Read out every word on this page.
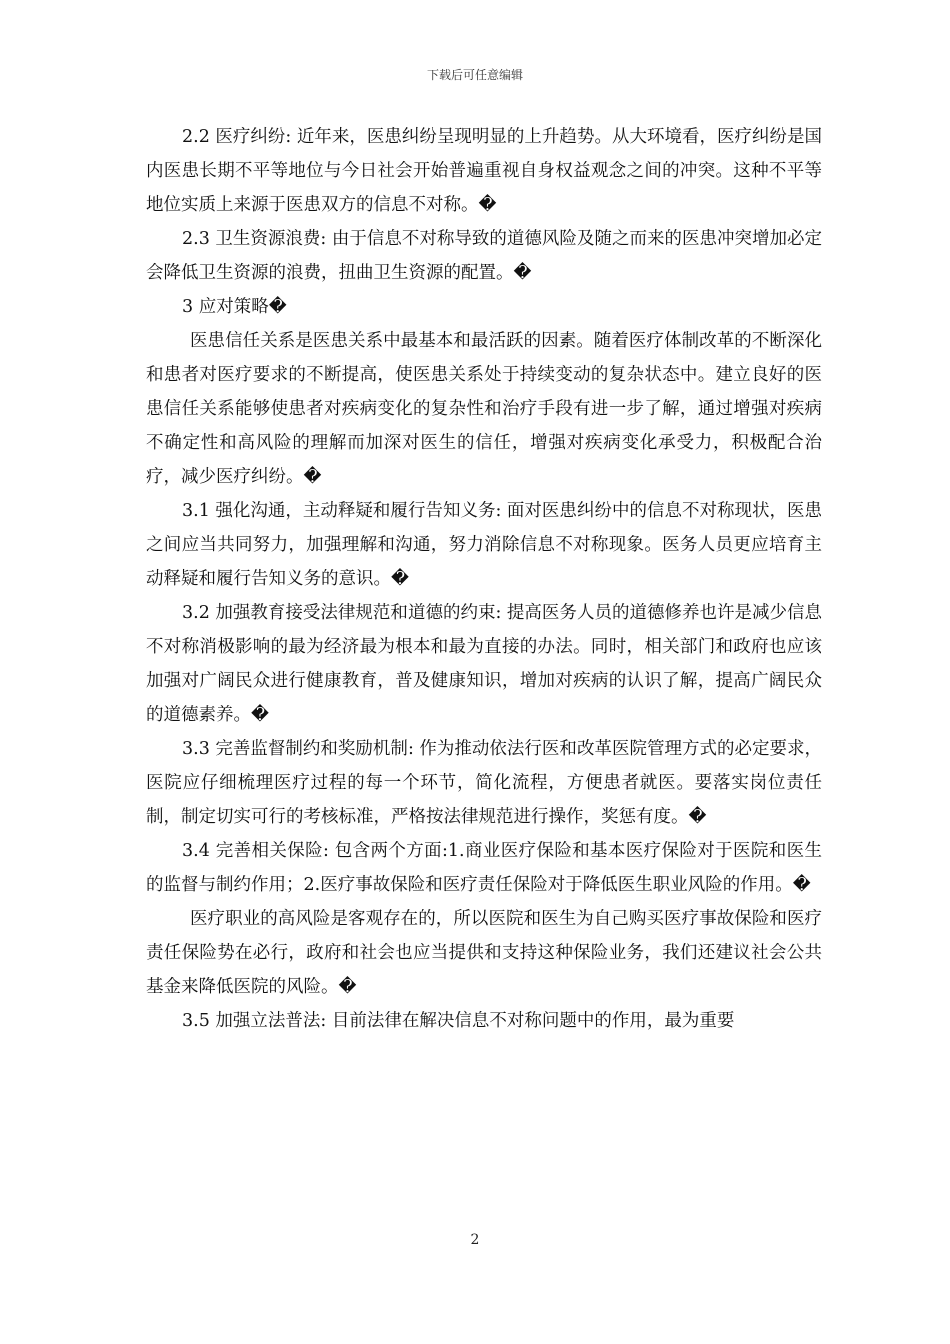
下载后可任意编辑

2.2 医疗纠纷: 近年来，医患纠纷呈现明显的上升趋势。从大环境看，医疗纠纷是国内医患长期不平等地位与今日社会开始普遍重视自身权益观念之间的冲突。这种不平等地位实质上来源于医患双方的信息不对称。�

2.3 卫生资源浪费: 由于信息不对称导致的道德风险及随之而来的医患冲突增加必定会降低卫生资源的浪费，扭曲卫生资源的配置。�

3 应对策略�

医患信任关系是医患关系中最基本和最活跃的因素。随着医疗体制改革的不断深化和患者对医疗要求的不断提高，使医患关系处于持续变动的复杂状态中。建立良好的医患信任关系能够使患者对疾病变化的复杂性和治疗手段有进一步了解，通过增强对疾病不确定性和高风险的理解而加深对医生的信任，增强对疾病变化承受力，积极配合治疗，减少医疗纠纷。�

3.1 强化沟通，主动释疑和履行告知义务: 面对医患纠纷中的信息不对称现状，医患之间应当共同努力，加强理解和沟通，努力消除信息不对称现象。医务人员更应培育主动释疑和履行告知义务的意识。�

3.2 加强教育接受法律规范和道德的约束: 提高医务人员的道德修养也许是减少信息不对称消极影响的最为经济最为根本和最为直接的办法。同时，相关部门和政府也应该加强对广阔民众进行健康教育，普及健康知识，增加对疾病的认识了解，提高广阔民众的道德素养。�

3.3 完善监督制约和奖励机制: 作为推动依法行医和改革医院管理方式的必定要求，医院应仔细梳理医疗过程的每一个环节，简化流程，方便患者就医。要落实岗位责任制，制定切实可行的考核标准，严格按法律规范进行操作，奖惩有度。�

3.4 完善相关保险: 包含两个方面:1.商业医疗保险和基本医疗保险对于医院和医生的监督与制约作用；2.医疗事故保险和医疗责任保险对于降低医生职业风险的作用。�

医疗职业的高风险是客观存在的，所以医院和医生为自己购买医疗事故保险和医疗责任保险势在必行，政府和社会也应当提供和支持这种保险业务，我们还建议社会公共基金来降低医院的风险。�

3.5 加强立法普法: 目前法律在解决信息不对称问题中的作用，最为重要

2
